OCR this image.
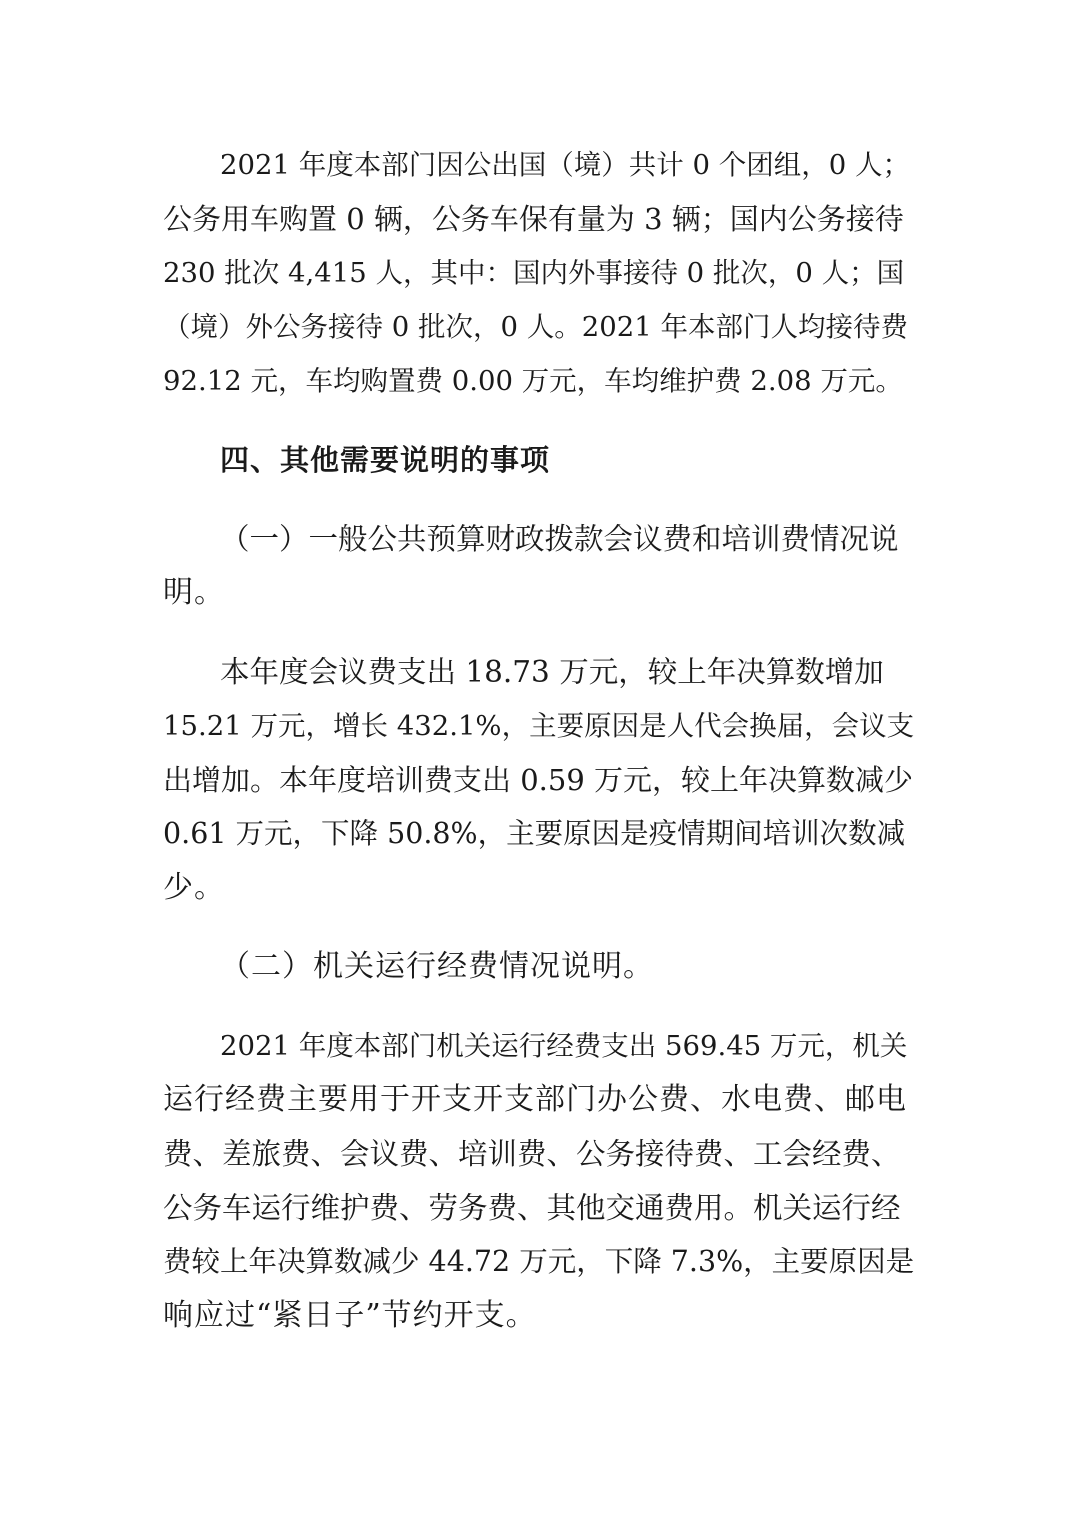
2021 年度本部门因公出国（境）共计 0 个团组，0 人；
公务用车购置 0 辆，公务车保有量为 3 辆；国内公务接待
230 批次 4,415 人，其中：国内外事接待 0 批次，0 人；国
（境）外公务接待 0 批次，0 人。2021 年本部门人均接待费
92.12 元，车均购置费 0.00 万元，车均维护费 2.08 万元。
四、其他需要说明的事项
（一）一般公共预算财政拨款会议费和培训费情况说
明。
本年度会议费支出 18.73 万元，较上年决算数增加
15.21 万元，增长 432.1%，主要原因是人代会换届，会议支
出增加。本年度培训费支出 0.59 万元，较上年决算数减少
0.61 万元，下降 50.8%，主要原因是疫情期间培训次数减
少。
（二）机关运行经费情况说明。
2021 年度本部门机关运行经费支出 569.45 万元，机关
运行经费主要用于开支开支部门办公费、水电费、邮电
费、差旅费、会议费、培训费、公务接待费、工会经费、
公务车运行维护费、劳务费、其他交通费用。机关运行经
费较上年决算数减少 44.72 万元，下降 7.3%，主要原因是
响应过“紧日子”节约开支。
